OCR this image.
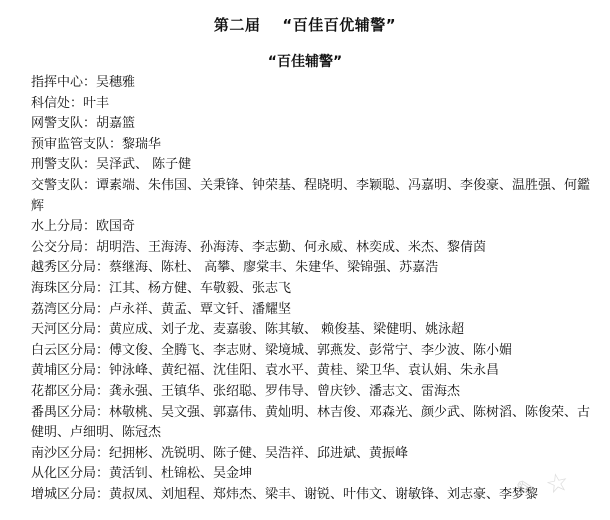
第二届 “百佳百优辅警”
“百佳辅警”

指挥中心：吴穗雅

科信处：叶丰

网警支队：胡嘉篮

预审监管支队：黎瑞华

刑警支队：吴泽武、 陈子健

交警支队：谭素端、朱伟国、关秉锋、钟荣基、程晓明、李颖聪、冯嘉明、李俊豪、温胜强、何鑑辉

水上分局：欧国奇

公交分局：胡明浩、王海涛、孙海涛、李志勤、何永威、林奕成、米杰、黎倩茵

越秀区分局：蔡继海、陈杜、 高攀、廖棠丰、朱建华、梁锦强、苏嘉浩

海珠区分局：江其、杨方健、车敬毅、张志飞

荔湾区分局：卢永祥、黄孟、覃文钎、潘耀坚

天河区分局：黄应成、刘子龙、麦嘉骏、陈其敏、 赖俊基、梁健明、姚泳超

白云区分局：傅文俊、全腾飞、李志财、梁境城、郭燕发、彭常宁、李少波、陈小媚

黄埔区分局：钟泳峰、黄纪福、沈佳阳、袁水平、黄桂、梁卫华、袁认娟、朱永昌

花都区分局：龚永强、王镇华、张绍聪、罗伟导、曾庆钞、潘志文、雷海杰

番禺区分局：林敬桃、吴文强、郭嘉伟、黄灿明、林吉俊、邓森光、颜少武、陈树滔、陈俊荣、古健明、卢细明、陈冠杰

南沙区分局：纪拥彬、冼锐明、陈子健、吴浩祥、邱进斌、黄振峰

从化区分局：黄活钊、杜锦松、吴金坤

增城区分局：黄叔凤、刘旭程、郑炜杰、梁丰、谢锐、叶伟文、谢敏锋、刘志豪、李梦黎

✎ ☆
